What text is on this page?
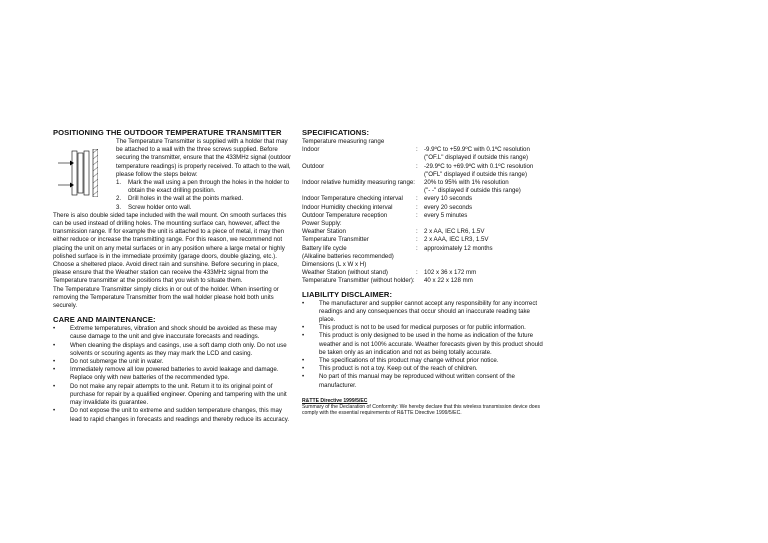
POSITIONING THE OUTDOOR TEMPERATURE TRANSMITTER

The Temperature Transmitter is supplied with a holder that may be attached to a wall with the three screws supplied. Before securing the transmitter, ensure that the 433MHz signal (outdoor temperature readings) is properly received. To attach to the wall, please follow the steps below:

1. Mark the wall using a pen through the holes in the holder to obtain the exact drilling position.
2. Drill holes in the wall at the points marked.
3. Screw holder onto wall.

There is also double sided tape included with the wall mount. On smooth surfaces this can be used instead of drilling holes. The mounting surface can, however, affect the transmission range. If for example the unit is attached to a piece of metal, it may then either reduce or increase the transmitting range. For this reason, we recommend not placing the unit on any metal surfaces or in any position where a large metal or highly polished surface is in the immediate proximity (garage doors, double glazing, etc.). Choose a sheltered place. Avoid direct rain and sunshine. Before securing in place, please ensure that the Weather station can receive the 433MHz signal from the Temperature transmitter at the positions that you wish to situate them.

The Temperature Transmitter simply clicks in or out of the holder. When inserting or removing the Temperature Transmitter from the wall holder please hold both units securely.

CARE AND MAINTENANCE:
• Extreme temperatures, vibration and shock should be avoided as these may cause damage to the unit and give inaccurate forecasts and readings.
• When cleaning the displays and casings, use a soft damp cloth only. Do not use solvents or scouring agents as they may mark the LCD and casing.
• Do not submerge the unit in water.
• Immediately remove all low powered batteries to avoid leakage and damage. Replace only with new batteries of the recommended type.
• Do not make any repair attempts to the unit. Return it to its original point of purchase for repair by a qualified engineer. Opening and tampering with the unit may invalidate its guarantee.
• Do not expose the unit to extreme and sudden temperature changes, this may lead to rapid changes in forecasts and readings and thereby reduce its accuracy.
SPECIFICATIONS:
Temperature measuring range		
Indoor	:	-9.9ºC to +59.9ºC with 0.1ºC resolution
		("OF.L" displayed if outside this range)
Outdoor	:	-29.9ºC to +69.9ºC with 0.1ºC resolution
		("OFL" displayed if outside this range)
Indoor relative humidity measuring range:		20% to 95% with 1% resolution
		("- -" displayed if outside this range)
Indoor Temperature checking interval	:	every 10 seconds
Indoor Humidity checking interval	:	every 20 seconds
Outdoor Temperature reception	:	every 5 minutes
Power Supply:		
Weather Station	:	2 x AA, IEC LR6, 1.5V
Temperature Transmitter	:	2 x AAA, IEC LR3, 1.5V
Battery life cycle	:	approximately 12 months
(Alkaline batteries recommended)		
Dimensions (L x W x H)		
Weather Station (without stand)	:	102 x 36 x 172 mm
Temperature Transmitter (without holder):		40 x 22 x 128 mm
LIABILITY DISCLAIMER:
• The manufacturer and supplier cannot accept any responsibility for any incorrect readings and any consequences that occur should an inaccurate reading take place.
• This product is not to be used for medical purposes or for public information.
• This product is only designed to be used in the home as indication of the future weather and is not 100% accurate. Weather forecasts given by this product should be taken only as an indication and not as being totally accurate.
• The specifications of this product may change without prior notice.
• This product is not a toy. Keep out of the reach of children.
• No part of this manual may be reproduced without written consent of the manufacturer.
R&TTE Directive 1999/5/EC
Summary of the Declaration of Conformity: We hereby declare that this wireless transmission device does comply with the essential requirements of R&TTE Directive 1999/5/EC.
